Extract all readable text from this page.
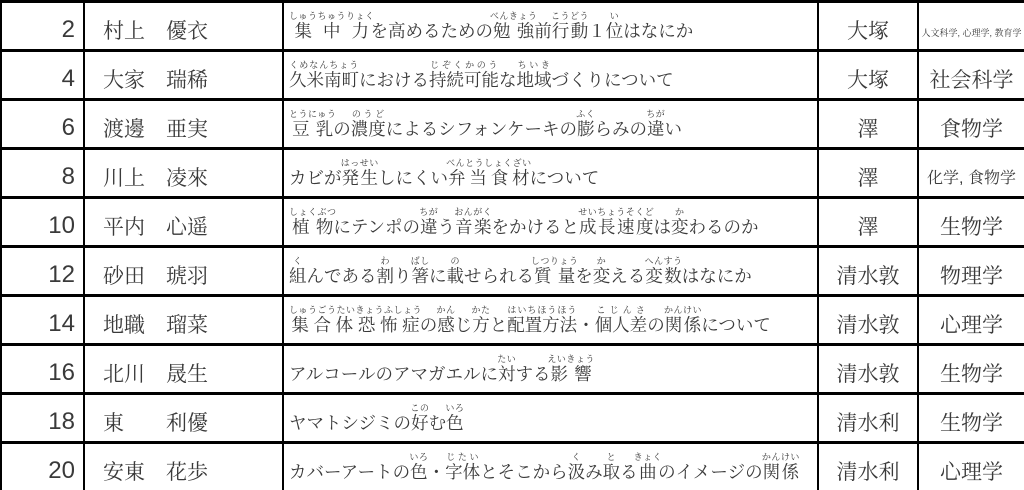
2	村上　優衣	集中力しゅうちゅうりょくを高めるための勉強べんきょう前行動こうどう１位いはなにか	大塚	人文科学, 心理学, 教育学
4	大家　瑞稀	久米南町くめなんちょうにおける持続可能じぞくかのうな地域ちいきづくりについて	大塚	社会科学
6	渡邊　亜実	豆乳とうにゅうの濃度のうどによるシフォンケーキの膨ふくらみの違ちがい	澤	食物学
8	川上　凌來	カビが発生はっせいしにくい弁当食材べんとうしょくざいについて	澤	化学, 食物学
10	平内　心遥	植物しょくぶつにテンポの違ちがう音楽おんがくをかけると成長速度せいちょうそくどは変かわるのか	澤	生物学
12	砂田　琥羽	組くんである割わり箸ばしに載のせられる質量しつりょうを変かえる変数へんすうはなにか	清水敦	物理学
14	地職　瑠菜	集合体恐怖症しゅうごうたいきょうふしょうの感かんじ方かたと配置方法はいちほうほう・個人差こじんさの関係かんけいについて	清水敦	心理学
16	北川　晟生	アルコールのアマガエルに対たいする影響えいきょう	清水敦	生物学
18	東　　利優	ヤマトシジミの好このむ色いろ	清水利	生物学
20	安東　花歩	カバーアートの色いろ・字体じたいとそこから汲くみ取とる曲きょくのイメージの関係かんけい	清水利	心理学
